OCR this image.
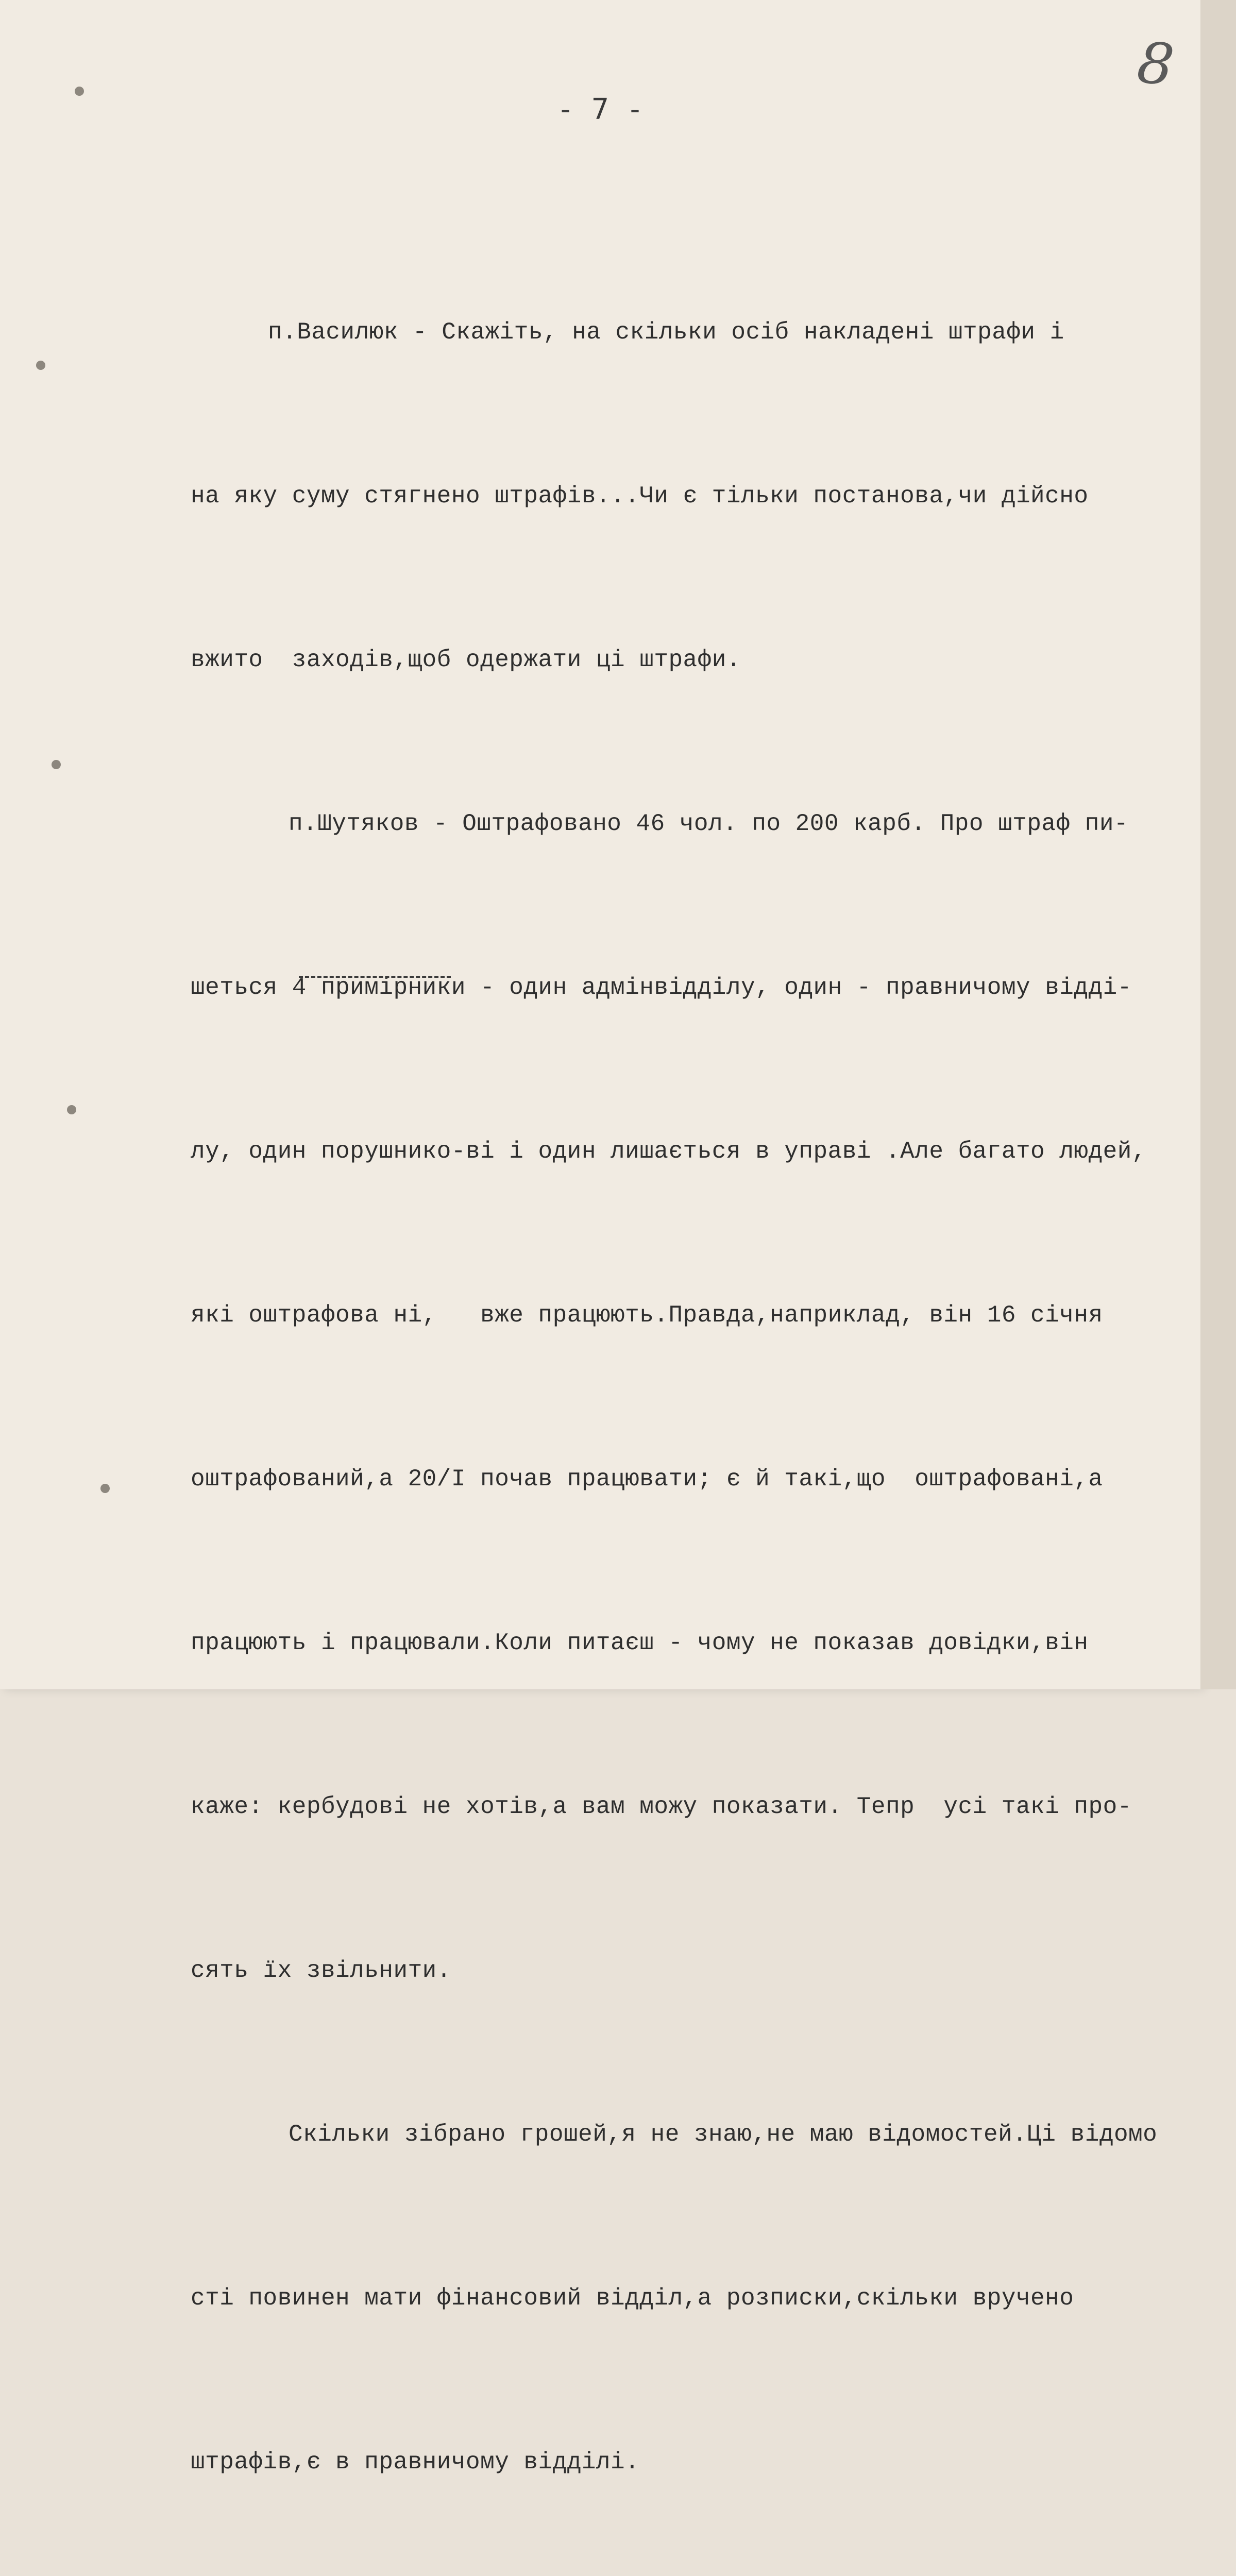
8
- 7 -

п.Василюк - Скажіть, на скільки осіб накладені штрафи і

на яку суму стягнено штрафів...Чи є тільки постанова,чи дійсно

вжито  заходів,щоб одержати ці штрафи.

п.Шутяков - Оштрафовано 46 чол. по 200 карб. Про штраф пи-

шеться 4 примірники - один адмінвідділу, один - правничому відді-

лу, один порушнико-ві і один лишається в управі .Але багато людей,

які оштрафова ні,   вже працюють.Правда,наприклад, він 16 січня

оштрафований,а 20/I почав працювати; є й такі,що  оштрафовані,а

працюють і працювали.Коли питаєш - чому не показав довідки,він

каже: кербудові не хотів,а вам можу показати. Тепр  усі такі про-

сять їх звільнити.

Скільки зібрано грошей,я не знаю,не маю відомостей.Ці відомо

сті повинен мати фінансовий відділ,а розписки,скільки вручено

штрафів,є в правничому відділі.
